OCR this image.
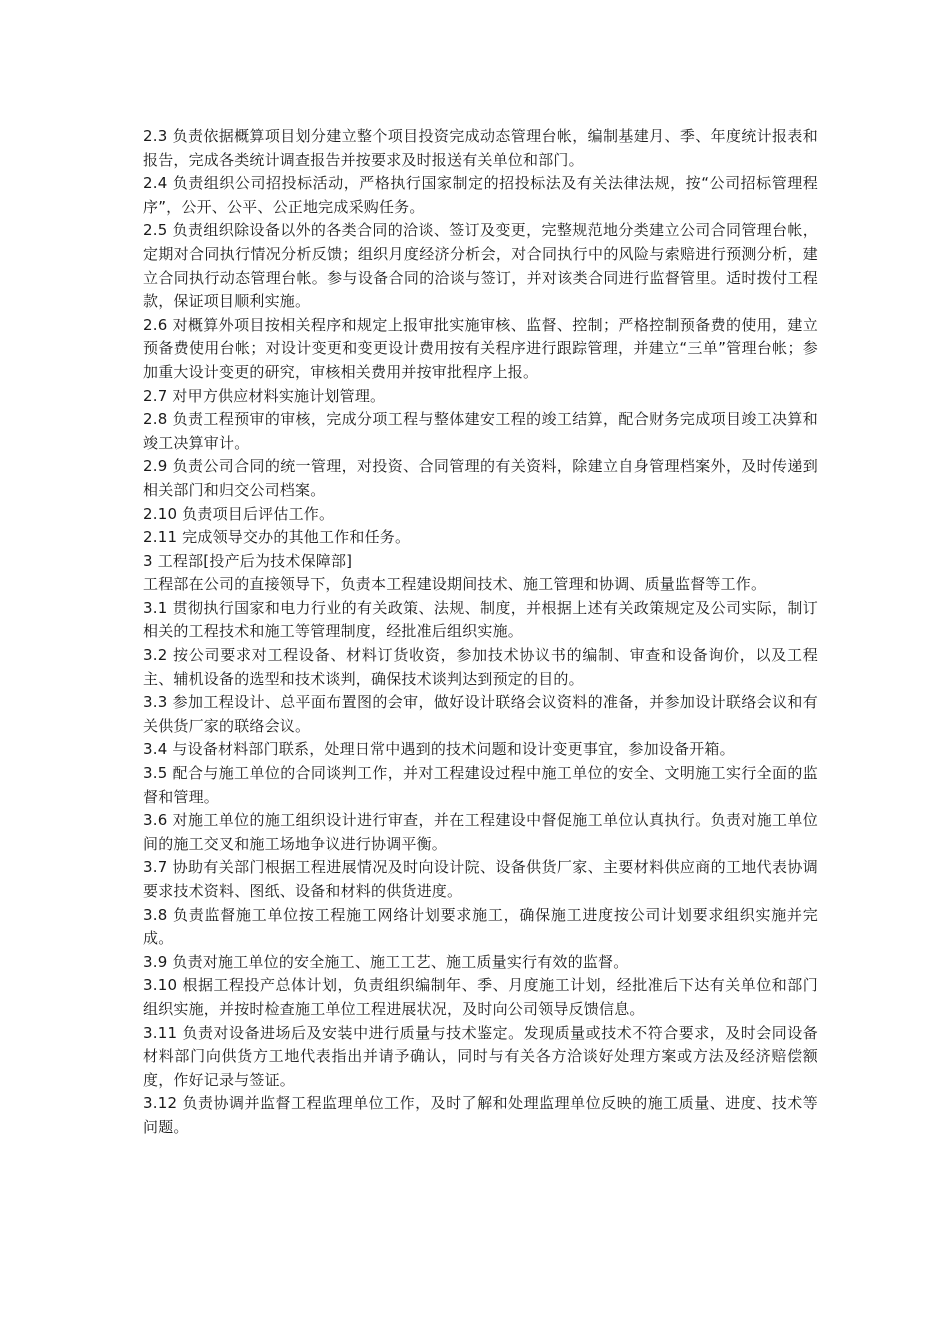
2.3 负责依据概算项目划分建立整个项目投资完成动态管理台帐，编制基建月、季、年度统计报表和报告，完成各类统计调查报告并按要求及时报送有关单位和部门。

2.4 负责组织公司招投标活动，严格执行国家制定的招投标法及有关法律法规，按“公司招标管理程序”，公开、公平、公正地完成采购任务。

2.5 负责组织除设备以外的各类合同的洽谈、签订及变更，完整规范地分类建立公司合同管理台帐，定期对合同执行情况分析反馈；组织月度经济分析会，对合同执行中的风险与索赔进行预测分析，建立合同执行动态管理台帐。参与设备合同的洽谈与签订，并对该类合同进行监督管里。适时拨付工程款，保证项目顺利实施。

2.6 对概算外项目按相关程序和规定上报审批实施审核、监督、控制；严格控制预备费的使用，建立预备费使用台帐；对设计变更和变更设计费用按有关程序进行跟踪管理，并建立“三单”管理台帐；参加重大设计变更的研究，审核相关费用并按审批程序上报。

2.7 对甲方供应材料实施计划管理。

2.8 负责工程预审的审核，完成分项工程与整体建安工程的竣工结算，配合财务完成项目竣工决算和竣工决算审计。

2.9 负责公司合同的统一管理，对投资、合同管理的有关资料，除建立自身管理档案外，及时传递到相关部门和归交公司档案。

2.10 负责项目后评估工作。

2.11 完成领导交办的其他工作和任务。

3 工程部[投产后为技术保障部]

工程部在公司的直接领导下，负责本工程建设期间技术、施工管理和协调、质量监督等工作。

3.1 贯彻执行国家和电力行业的有关政策、法规、制度，并根据上述有关政策规定及公司实际，制订相关的工程技术和施工等管理制度，经批准后组织实施。

3.2 按公司要求对工程设备、材料订货收资，参加技术协议书的编制、审查和设备询价，以及工程主、辅机设备的选型和技术谈判，确保技术谈判达到预定的目的。

3.3 参加工程设计、总平面布置图的会审，做好设计联络会议资料的准备，并参加设计联络会议和有关供货厂家的联络会议。

3.4 与设备材料部门联系，处理日常中遇到的技术问题和设计变更事宜，参加设备开箱。

3.5 配合与施工单位的合同谈判工作，并对工程建设过程中施工单位的安全、文明施工实行全面的监督和管理。

3.6 对施工单位的施工组织设计进行审查，并在工程建设中督促施工单位认真执行。负责对施工单位间的施工交叉和施工场地争议进行协调平衡。

3.7 协助有关部门根据工程进展情况及时向设计院、设备供货厂家、主要材料供应商的工地代表协调要求技术资料、图纸、设备和材料的供货进度。

3.8 负责监督施工单位按工程施工网络计划要求施工，确保施工进度按公司计划要求组织实施并完成。

3.9 负责对施工单位的安全施工、施工工艺、施工质量实行有效的监督。

3.10 根据工程投产总体计划，负责组织编制年、季、月度施工计划，经批准后下达有关单位和部门组织实施，并按时检查施工单位工程进展状况，及时向公司领导反馈信息。

3.11 负责对设备进场后及安装中进行质量与技术鉴定。发现质量或技术不符合要求，及时会同设备材料部门向供货方工地代表指出并请予确认，同时与有关各方洽谈好处理方案或方法及经济赔偿额度，作好记录与签证。

3.12 负责协调并监督工程监理单位工作，及时了解和处理监理单位反映的施工质量、进度、技术等问题。
